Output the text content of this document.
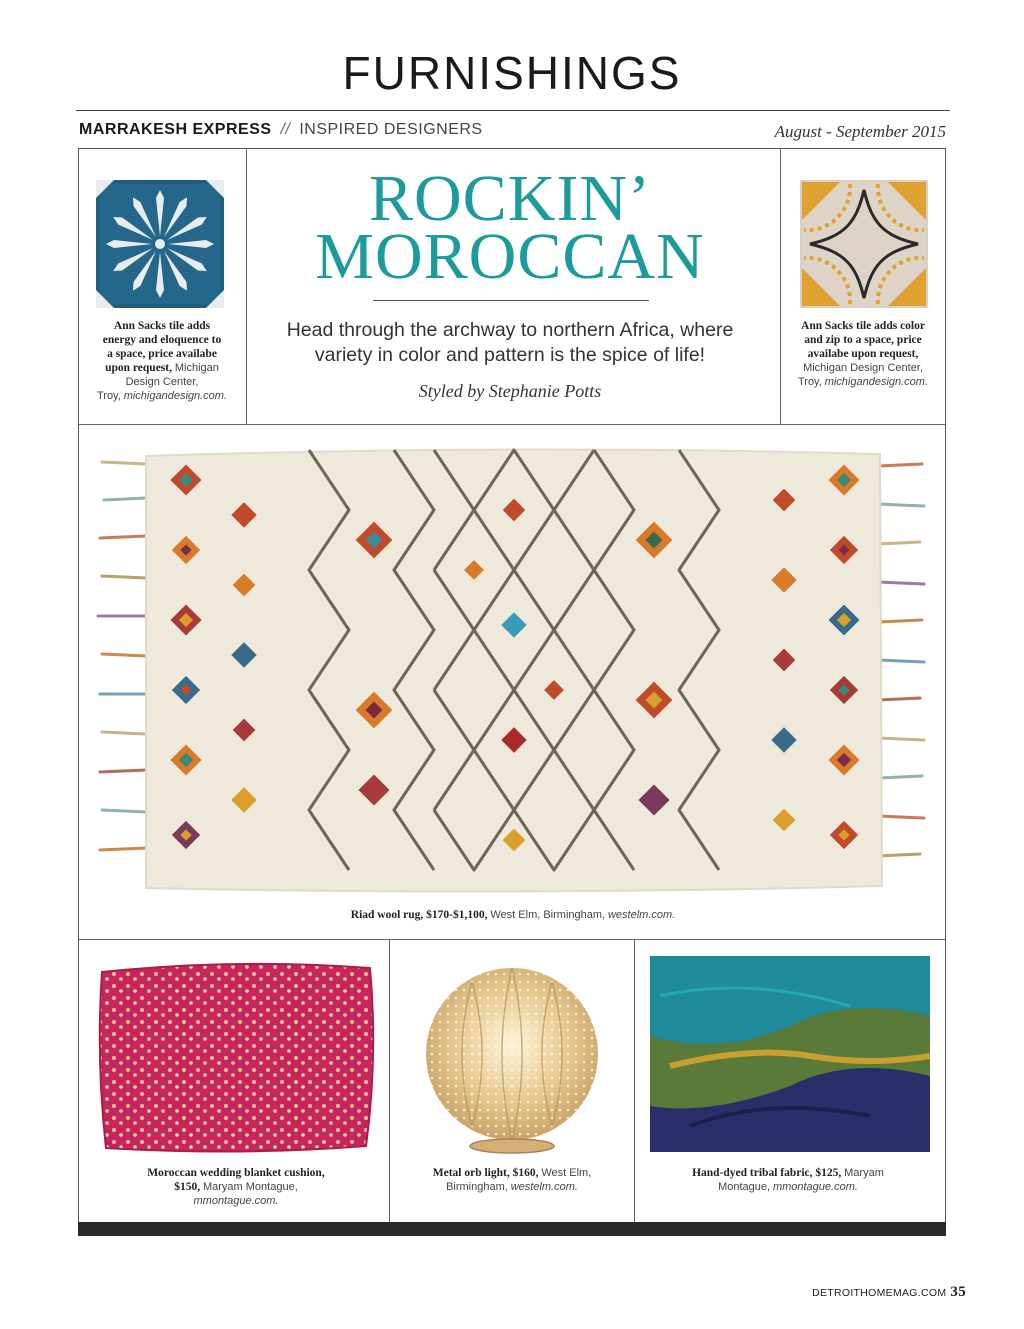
FURNISHINGS
MARRAKESH EXPRESS // INSPIRED DESIGNERS	August - September 2015
Ann Sacks tile adds
energy and eloquence to
a space, price availabe
upon request, Michigan
Design Center,
Troy, michigandesign.com.
ROCKIN’
MOROCCAN
Head through the archway to northern Africa, where
variety in color and pattern is the spice of life!
Styled by Stephanie Potts
Ann Sacks tile adds color
and zip to a space, price
availabe upon request,
Michigan Design Center,
Troy, michigandesign.com.
Riad wool rug, $170-$1,100, West Elm, Birmingham, westelm.com.
Moroccan wedding blanket cushion,
$150, Maryam Montague,
mmontague.com.
Metal orb light, $160, West Elm,
Birmingham, westelm.com.
Hand-dyed tribal fabric, $125, Maryam
Montague, mmontague.com.
DETROITHOMEMAG.COM 35
